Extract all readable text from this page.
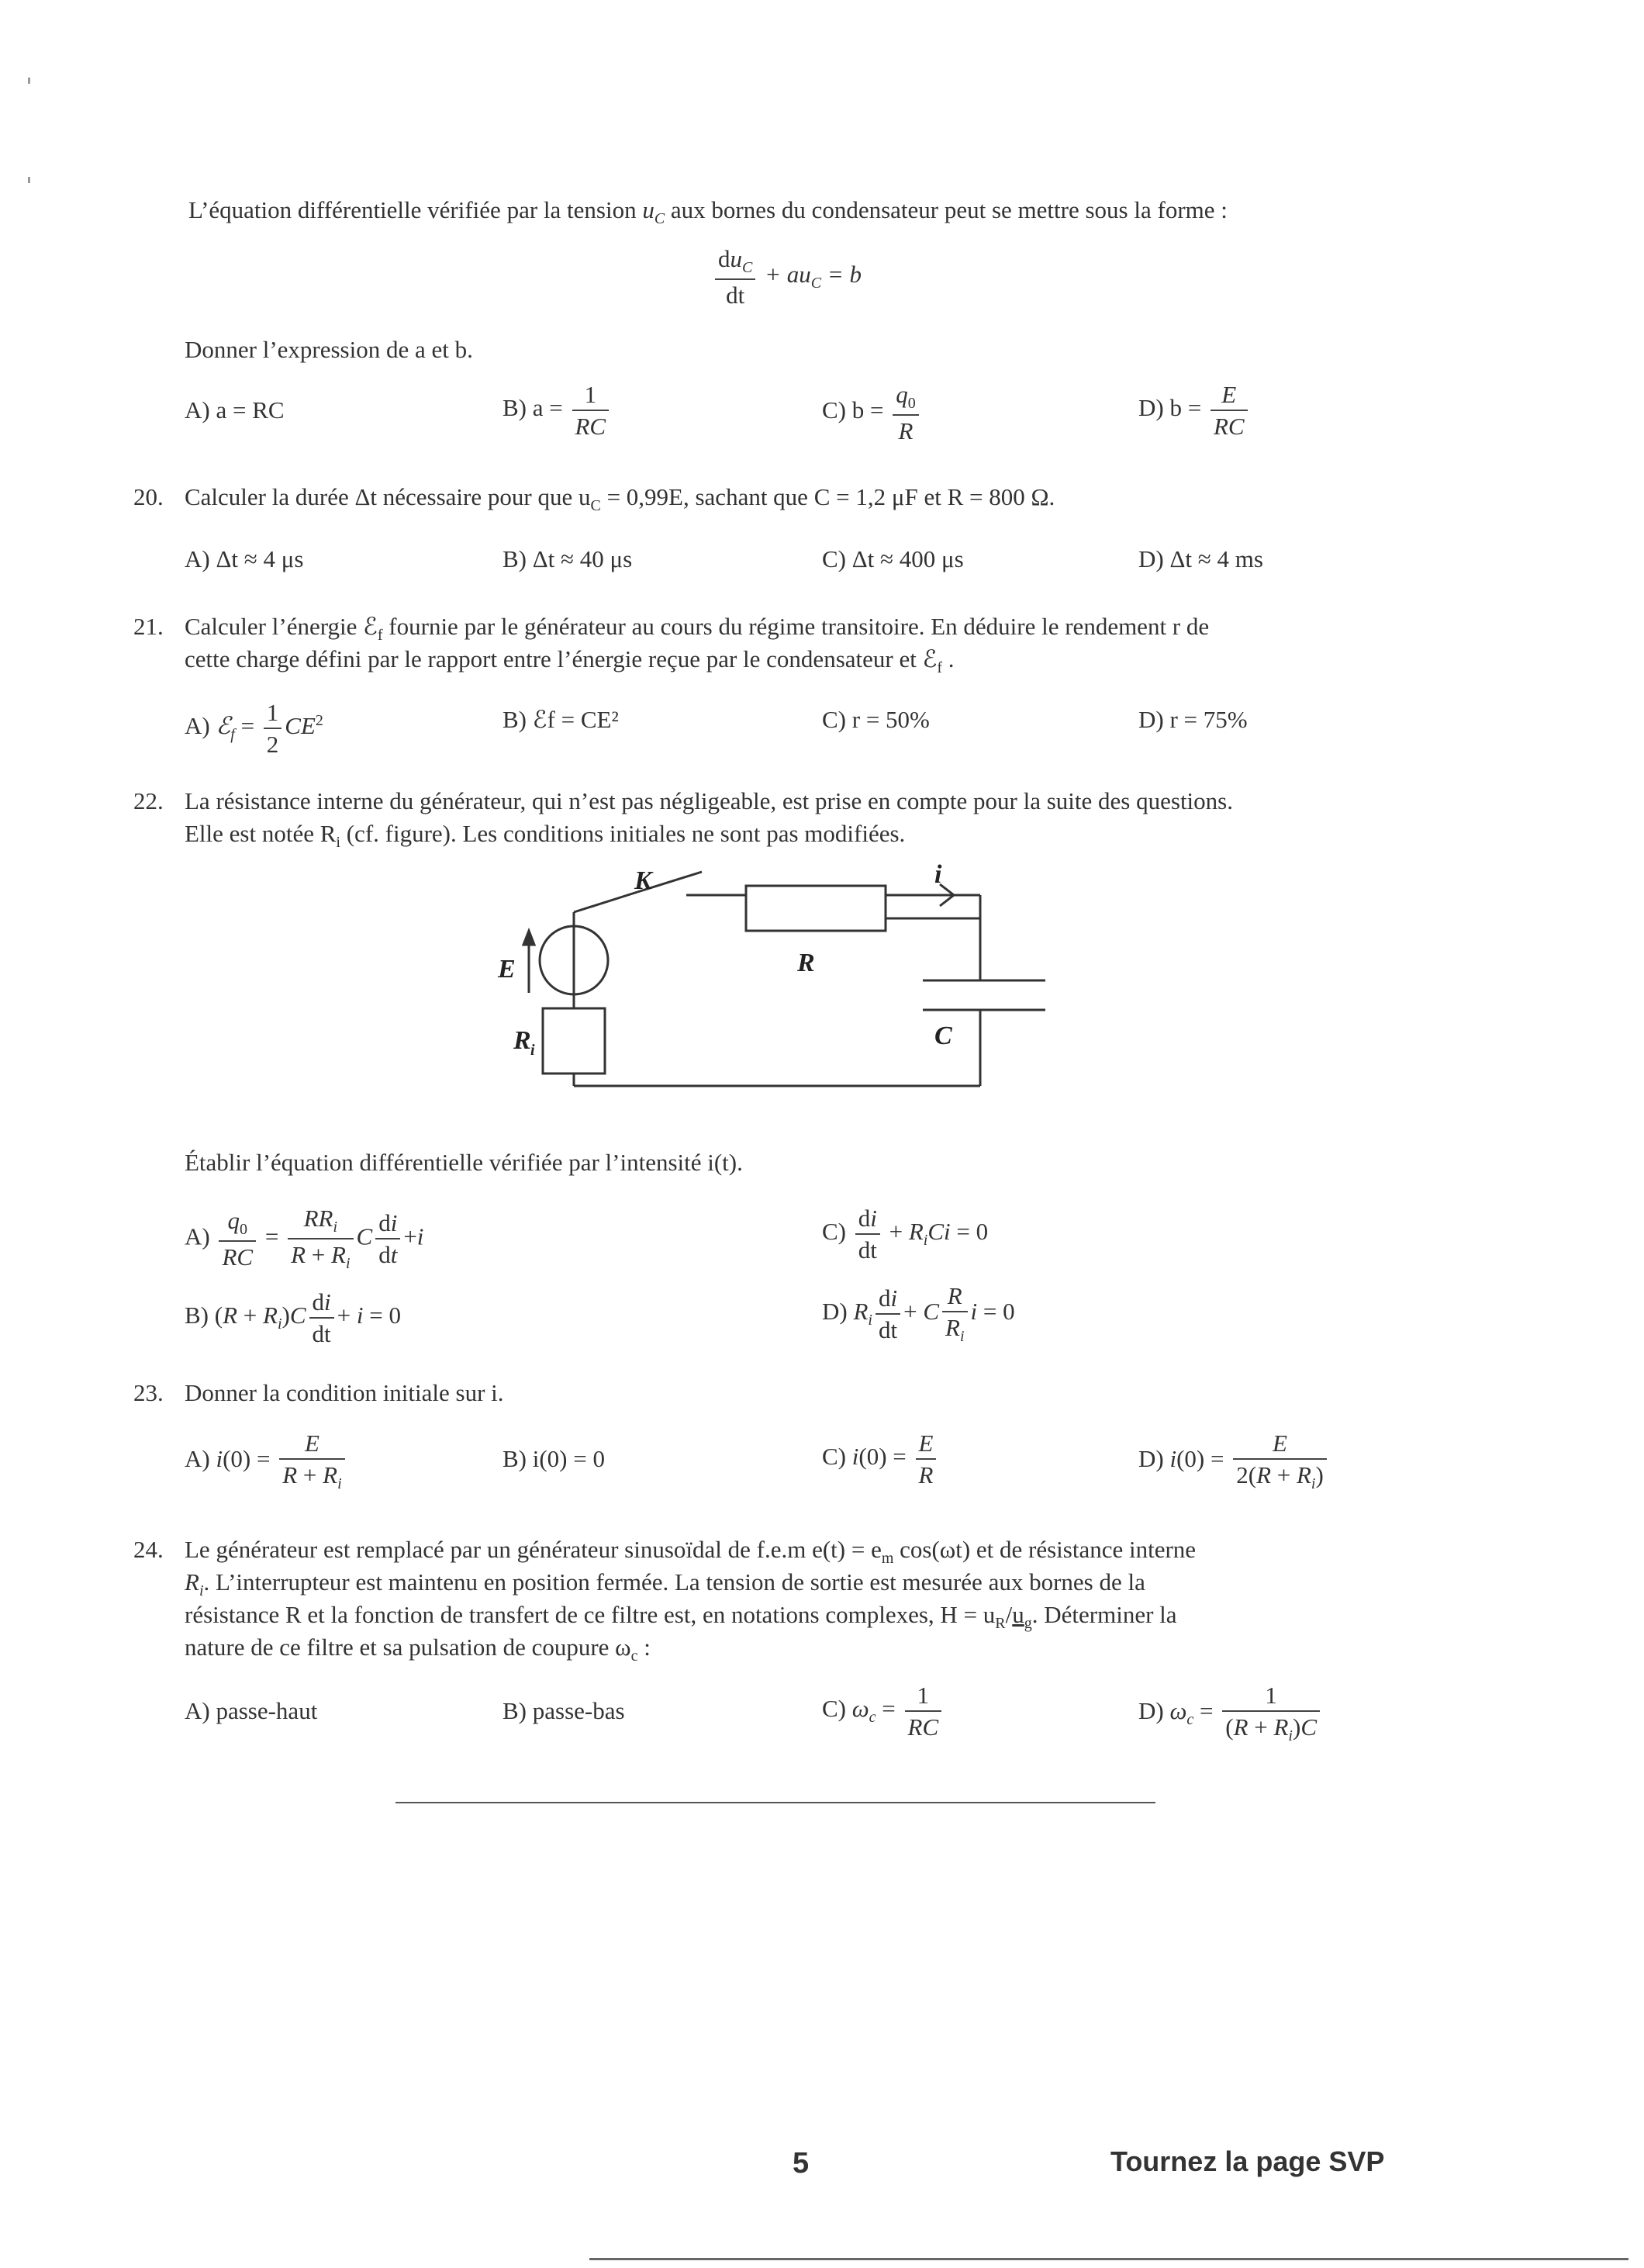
L’équation différentielle vérifiée par la tension $u_C$ aux bornes du condensateur peut se mettre sous la forme :
$\frac{du_C}{dt} + au_C = b$
Donner l’expression de a et b.
A) a = RC	B) $a = \frac{1}{RC}$	C) $b = \frac{q_0}{R}$	D) $b = \frac{E}{RC}$
20. Calculer la durée Δt nécessaire pour que $u_C = 0,99E$, sachant que C = 1,2 μF et R = 800 Ω.
A) Δt ≈ 4 μs	B) Δt ≈ 40 μs	C) Δt ≈ 400 μs	D) Δt ≈ 4 ms
21. Calculer l’énergie ℰ$_f$ fournie par le générateur au cours du régime transitoire. En déduire le rendement r de
cette charge défini par le rapport entre l’énergie reçue par le condensateur et ℰ$_f$ .
A) ℰ$_f$ = $\frac{1}{2} CE^2$	B) ℰf = CE²	C) r = 50%	D) r = 75%
22. La résistance interne du générateur, qui n’est pas négligeable, est prise en compte pour la suite des questions.
Elle est notée $R_i$ (cf. figure). Les conditions initiales ne sont pas modifiées.
K	i
E	R
C
R i
Établir l’équation différentielle vérifiée par l’intensité i(t).
$A) \frac{q_0}{RC} = \frac{RR_i}{R + R_i}$ C $\frac{di}{dt} +i$	$C) \frac{di}{dt} + R_iCi = 0$
B) $(R + R_i)C \frac{di}{dt} + i = 0$	D) $R_i \frac{di}{dt} + C \frac{R}{R_i}$ i = 0
23. Donner la condition initiale sur i.
A) $i(0) = \frac{E}{R + R_i}$	B) i(0) = 0	C) $i(0) = \frac{E}{R}$	D) $i(0) = \frac{E}{2(R + R_i)}$
24. Le générateur est remplacé par un générateur sinusoïdal de f.e.m $e(t) = e_m$ cos(ωt) et de résistance interne
$R_i$. L’interrupteur est maintenu en position fermée. La tension de sortie est mesurée aux bornes de la
résistance R et la fonction de transfert de ce filtre est, en notations complexes, $H = u_R/u_g$. Déterminer la
nature de ce filtre et sa pulsation de coupure $\omega_c$ :
A) passe-haut	B) passe-bas	C) $\omega_c = \frac{1}{RC}$	D) $\omega_c = \frac{1}{(R + R_i)C}$
5	Tournez la page SVP
